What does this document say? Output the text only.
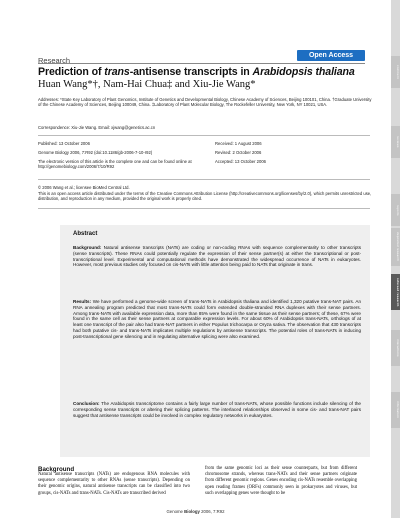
comment
reviews
reports
deposited research
refereed research
interactions
information
Research
Open Access
Prediction of trans-antisense transcripts in Arabidopsis thaliana
Huan Wang*†, Nam-Hai Chua‡ and Xiu-Jie Wang*
Addresses: *State Key Laboratory of Plant Genomics, Institute of Genetics and Developmental Biology, Chinese Academy of Sciences, Beijing 100101, China. †Graduate University of the Chinese Academy of Sciences, Beijing 100049, China. ‡Laboratory of Plant Molecular Biology, The Rockefeller University, New York, NY 10021, USA.
Correspondence: Xiu-Jie Wang. Email: xjwang@genetics.ac.cn
Published: 13 October 2006
Genome Biology 2006, 7:R92 (doi:10.1186/gb-2006-7-10-r92)
The electronic version of this article is the complete one and can be found online at http://genomebiology.com/2006/7/10/R92
Received: 1 August 2006
Revised: 2 October 2006
Accepted: 13 October 2006
© 2006 Wang et al.; licensee BioMed Central Ltd.
This is an open access article distributed under the terms of the Creative Commons Attribution License (http://creativecommons.org/licenses/by/2.0), which permits unrestricted use, distribution, and reproduction in any medium, provided the original work is properly cited.
Abstract
Background: Natural antisense transcripts (NATs) are coding or non-coding RNAs with sequence complementarity to other transcripts (sense transcripts). These RNAs could potentially regulate the expression of their sense partner(s) at either the transcriptional or post-transcriptional level. Experimental and computational methods have demonstrated the widespread occurrence of NATs in eukaryotes. However, most previous studies only focused on cis-NATs with little attention being paid to NATs that originate in trans.
Results: We have performed a genome-wide screen of trans-NATs in Arabidopsis thaliana and identified 1,320 putative trans-NAT pairs. An RNA annealing program predicted that most trans-NATs could form extended double-stranded RNA duplexes with their sense partners. Among trans-NATs with available expression data, more than 85% were found in the same tissue as their sense partners; of these, 67% were found in the same cell as their sense partners at comparable expression levels. For about 60% of Arabidopsis trans-NATs, orthologs of at least one transcript of the pair also had trans-NAT partners in either Populus trichocarpa or Oryza sativa. The observation that 430 transcripts had both putative cis- and trans-NATs implicates multiple regulations by antisense transcripts. The potential roles of trans-NATs in inducing post-transcriptional gene silencing and in regulating alternative splicing were also examined.
Conclusion: The Arabidopsis transcriptome contains a fairly large number of trans-NATs, whose possible functions include silencing of the corresponding sense transcripts or altering their splicing patterns. The interlaced relationships observed in some cis- and trans-NAT pairs suggest that antisense transcripts could be involved in complex regulatory networks in eukaryotes.
Background
Natural antisense transcripts (NATs) are endogenous RNA molecules with sequence complementarity to other RNAs (sense transcripts). Depending on their genomic origins, natural antisense transcripts can be classified into two groups, cis-NATs and trans-NATs. Cis-NATs are transcribed derived
from the same genomic loci as their sense counterparts, but from different chromosome strands, whereas trans-NATs and their sense partners originate from different genomic regions. Genes encoding cis-NATs resemble overlapping open reading frames (ORFs) commonly seen in prokaryotes and viruses, but such overlapping genes were thought to be
Genome Biology 2006, 7:R92
